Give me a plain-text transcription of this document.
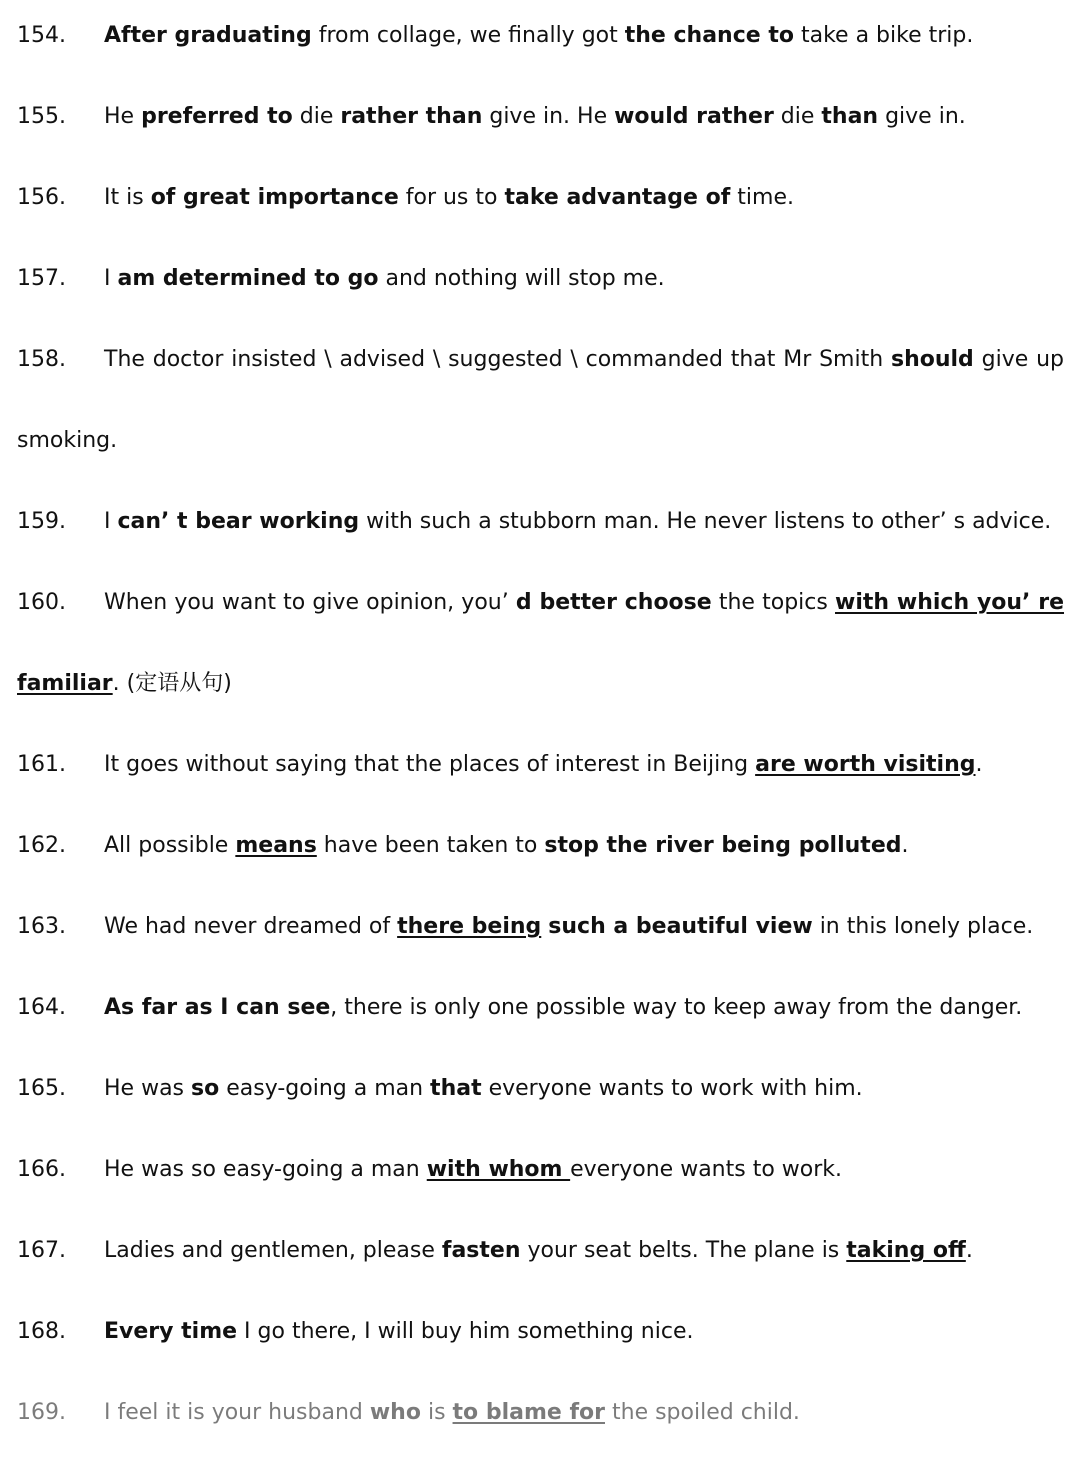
154. After graduating from collage, we finally got the chance to take a bike trip.
155. He preferred to die rather than give in. He would rather die than give in.
156. It is of great importance for us to take advantage of time.
157. I am determined to go and nothing will stop me.
158. The doctor insisted \ advised \ suggested \ commanded that Mr Smith should give up
smoking.
159. I can’ t bear working with such a stubborn man. He never listens to other’ s advice.
160. When you want to give opinion, you’ d better choose the topics with which you’ re
familiar. (定语从句)
161. It goes without saying that the places of interest in Beijing are worth visiting.
162. All possible means have been taken to stop the river being polluted.
163. We had never dreamed of there being such a beautiful view in this lonely place.
164. As far as I can see, there is only one possible way to keep away from the danger.
165. He was so easy-going a man that everyone wants to work with him.
166. He was so easy-going a man with whom everyone wants to work.
167. Ladies and gentlemen, please fasten your seat belts. The plane is taking off.
168. Every time I go there, I will buy him something nice.
169. I feel it is your husband who is to blame for the spoiled child.
